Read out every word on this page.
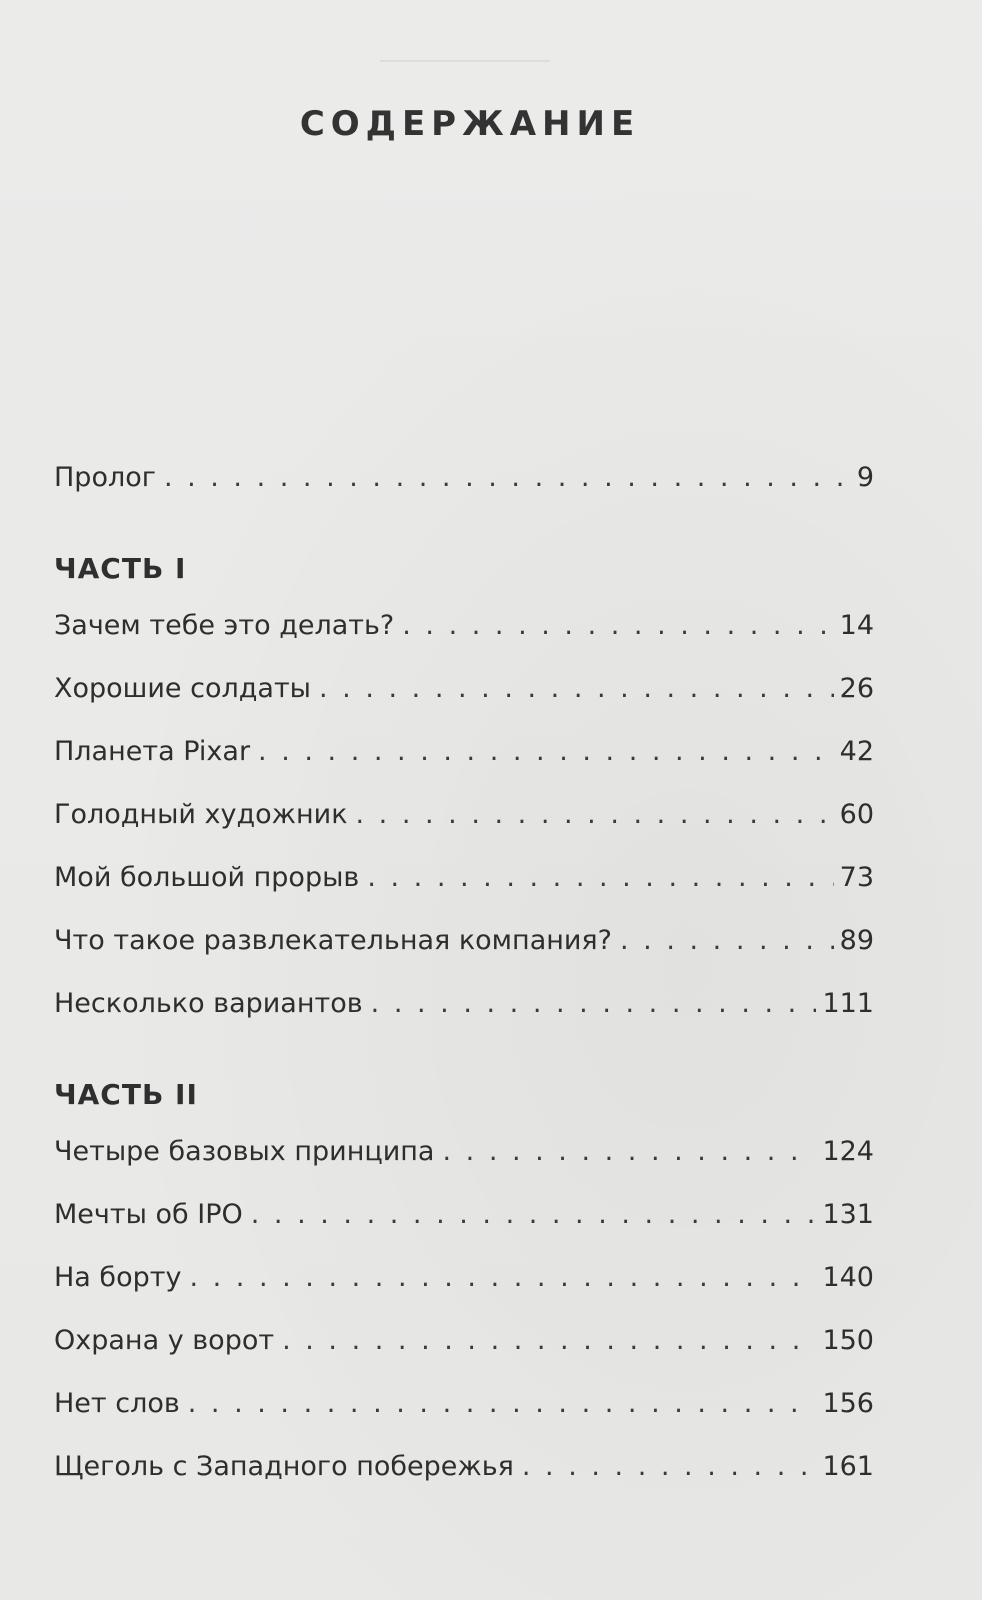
СОДЕРЖАНИЕ
Пролог . . .	9
ЧАСТЬ I
Зачем тебе это делать? . . .	14
Хорошие солдаты . . .	26
Планета Pixar . . .	42
Голодный художник . . .	60
Мой большой прорыв . . .	73
Что такое развлекательная компания? . . .	89
Несколько вариантов . . .	111
ЧАСТЬ II
Четыре базовых принципа . . .	124
Мечты об IPO . . .	131
На борту . . .	140
Охрана у ворот . . .	150
Нет слов . . .	156
Щеголь с Западного побережья . . .	161
